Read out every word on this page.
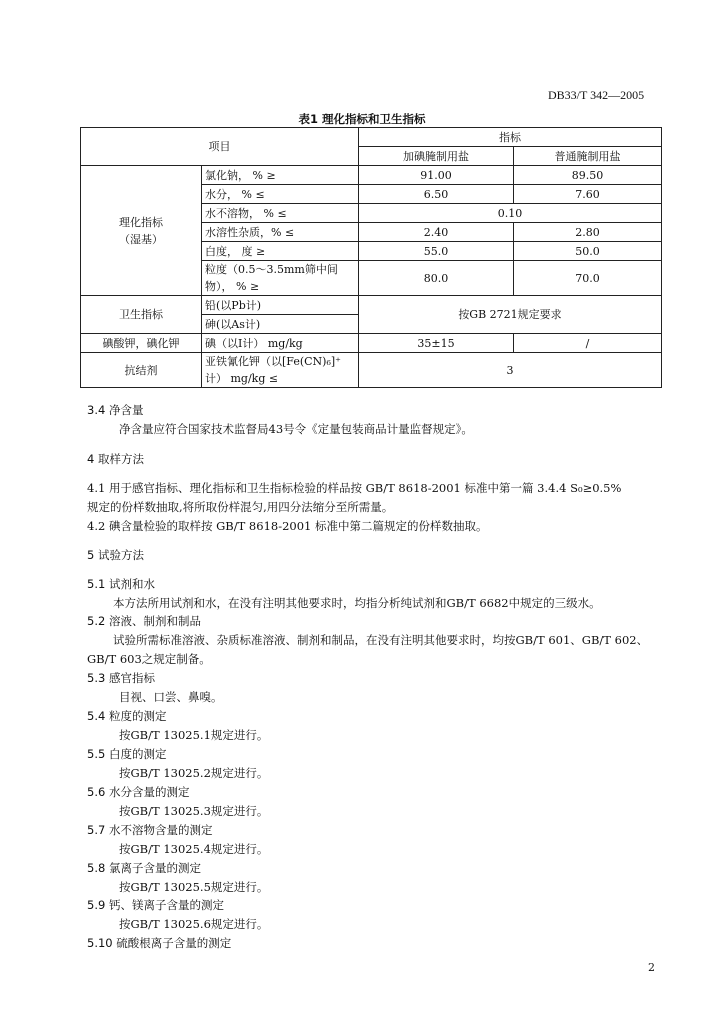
DB33/T 342—2005
表1 理化指标和卫生指标
项目		指标	
		加碘腌制用盐	普通腌制用盐

理化指标
（湿基）	氯化钠， % ≥	91.00	89.50
	水分， % ≤	6.50	7.60
	水不溶物， % ≤	0.10	
	水溶性杂质，% ≤	2.40	2.80
	白度， 度 ≥	55.0	50.0

	粒度（0.5～3.5mm筛中间
物）， % ≥	80.0	70.0

卫生指标	铅(以Pb计)	按GB 2721规定要求	
	砷(以As计)		
碘酸钾，碘化钾	碘（以I计） mg/kg	35±15	/
抗结剂	亚铁氰化钾（以[Fe(CN)₆]⁺
计） mg/kg ≤	3	
3.4 净含量
净含量应符合国家技术监督局43号令《定量包装商品计量监督规定》。
4 取样方法
4.1 用于感官指标、理化指标和卫生指标检验的样品按 GB/T 8618-2001 标准中第一篇 3.4.4 S₀≥0.5%
规定的份样数抽取,将所取份样混匀,用四分法缩分至所需量。
4.2 碘含量检验的取样按 GB/T 8618-2001 标准中第二篇规定的份样数抽取。
5 试验方法
5.1 试剂和水
本方法所用试剂和水，在没有注明其他要求时，均指分析纯试剂和GB/T 6682中规定的三级水。
5.2 溶液、制剂和制品
试验所需标准溶液、杂质标准溶液、制剂和制品，在没有注明其他要求时，均按GB/T 601、GB/T 602、
GB/T 603之规定制备。
5.3 感官指标
目视、口尝、鼻嗅。
5.4 粒度的测定
按GB/T 13025.1规定进行。
5.5 白度的测定
按GB/T 13025.2规定进行。
5.6 水分含量的测定
按GB/T 13025.3规定进行。
5.7 水不溶物含量的测定
按GB/T 13025.4规定进行。
5.8 氯离子含量的测定
按GB/T 13025.5规定进行。
5.9 钙、镁离子含量的测定
按GB/T 13025.6规定进行。
5.10 硫酸根离子含量的测定
2
